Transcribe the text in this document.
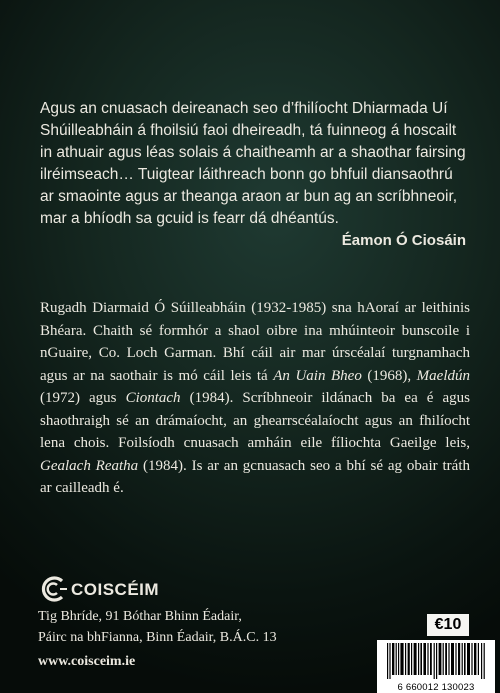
Agus an cnuasach deireanach seo d’fhilíocht Dhiarmada Uí

Shúilleabháin á fhoilsiú faoi dheireadh, tá fuinneog á hoscailt

in athuair agus léas solais á chaitheamh ar a shaothar fairsing

ilréimseach… Tuigtear láithreach bonn go bhfuil diansaothrú

ar smaointe agus ar theanga araon ar bun ag an scríbhneoir,

mar a bhíodh sa gcuid is fearr dá dhéantús.

Éamon Ó Ciosáin

Rugadh Diarmaid Ó Súilleabháin (1932-1985) sna hAoraí ar leithinis Bhéara. Chaith sé formhór a shaol oibre ina mhúinteoir bunscoile i nGuaire, Co. Loch Garman. Bhí cáil air mar úrscéalaí turgnamhach agus ar na saothair is mó cáil leis tá An Uain Bheo (1968), Maeldún (1972) agus Ciontach (1984). Scríbhneoir ildánach ba ea é agus shaothraigh sé an drámaíocht, an ghearrscéalaíocht agus an fhilíocht lena chois. Foilsíodh cnuasach amháin eile fíliochta Gaeilge leis, Gealach Reatha (1984). Is ar an gcnuasach seo a bhí sé ag obair tráth ar cailleadh é.

COISCÉIM
Tig Bhríde, 91 Bóthar Bhinn Éadair,
Páirc na bhFianna, Binn Éadair, B.Á.C. 13
www.coisceim.ie
€10
6 660012 130023
